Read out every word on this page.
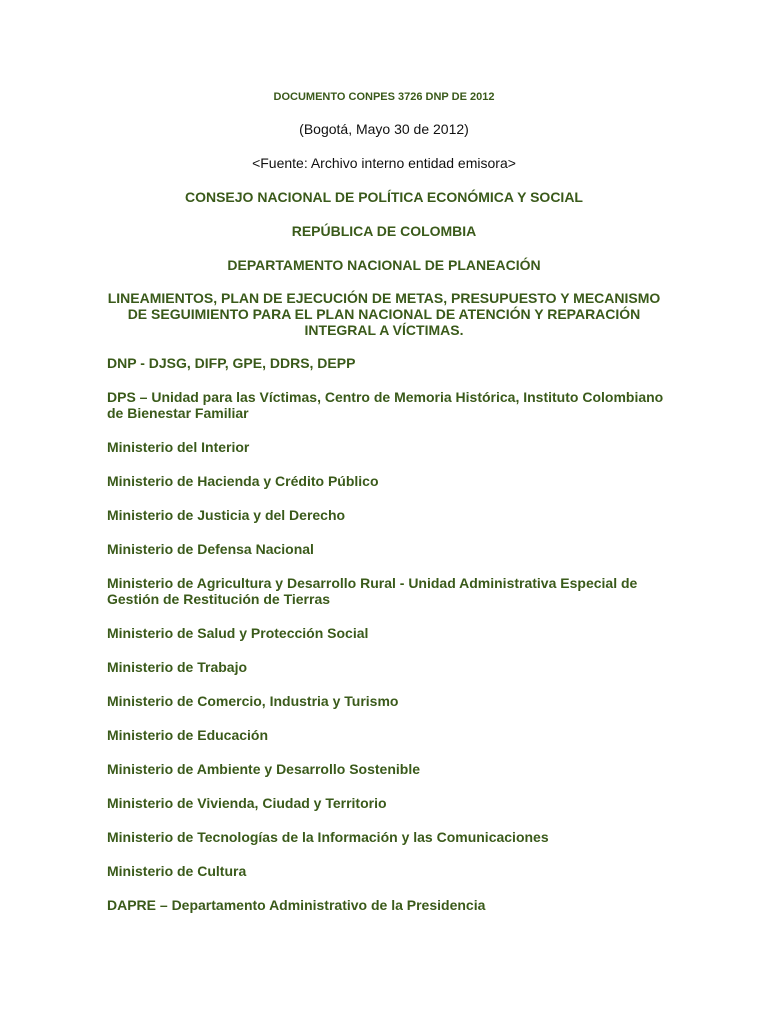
DOCUMENTO CONPES 3726 DNP DE 2012
(Bogotá, Mayo 30 de 2012)
<Fuente: Archivo interno entidad emisora>
CONSEJO NACIONAL DE POLÍTICA ECONÓMICA Y SOCIAL
REPÚBLICA DE COLOMBIA
DEPARTAMENTO NACIONAL DE PLANEACIÓN
LINEAMIENTOS, PLAN DE EJECUCIÓN DE METAS, PRESUPUESTO Y MECANISMO DE SEGUIMIENTO PARA EL PLAN NACIONAL DE ATENCIÓN Y REPARACIÓN INTEGRAL A VÍCTIMAS.
DNP - DJSG, DIFP, GPE, DDRS, DEPP
DPS – Unidad para las Víctimas, Centro de Memoria Histórica, Instituto Colombiano de Bienestar Familiar
Ministerio del Interior
Ministerio de Hacienda y Crédito Público
Ministerio de Justicia y del Derecho
Ministerio de Defensa Nacional
Ministerio de Agricultura y Desarrollo Rural - Unidad Administrativa Especial de Gestión de Restitución de Tierras
Ministerio de Salud y Protección Social
Ministerio de Trabajo
Ministerio de Comercio, Industria y Turismo
Ministerio de Educación
Ministerio de Ambiente y Desarrollo Sostenible
Ministerio de Vivienda, Ciudad y Territorio
Ministerio de Tecnologías de la Información y las Comunicaciones
Ministerio de Cultura
DAPRE – Departamento Administrativo de la Presidencia
